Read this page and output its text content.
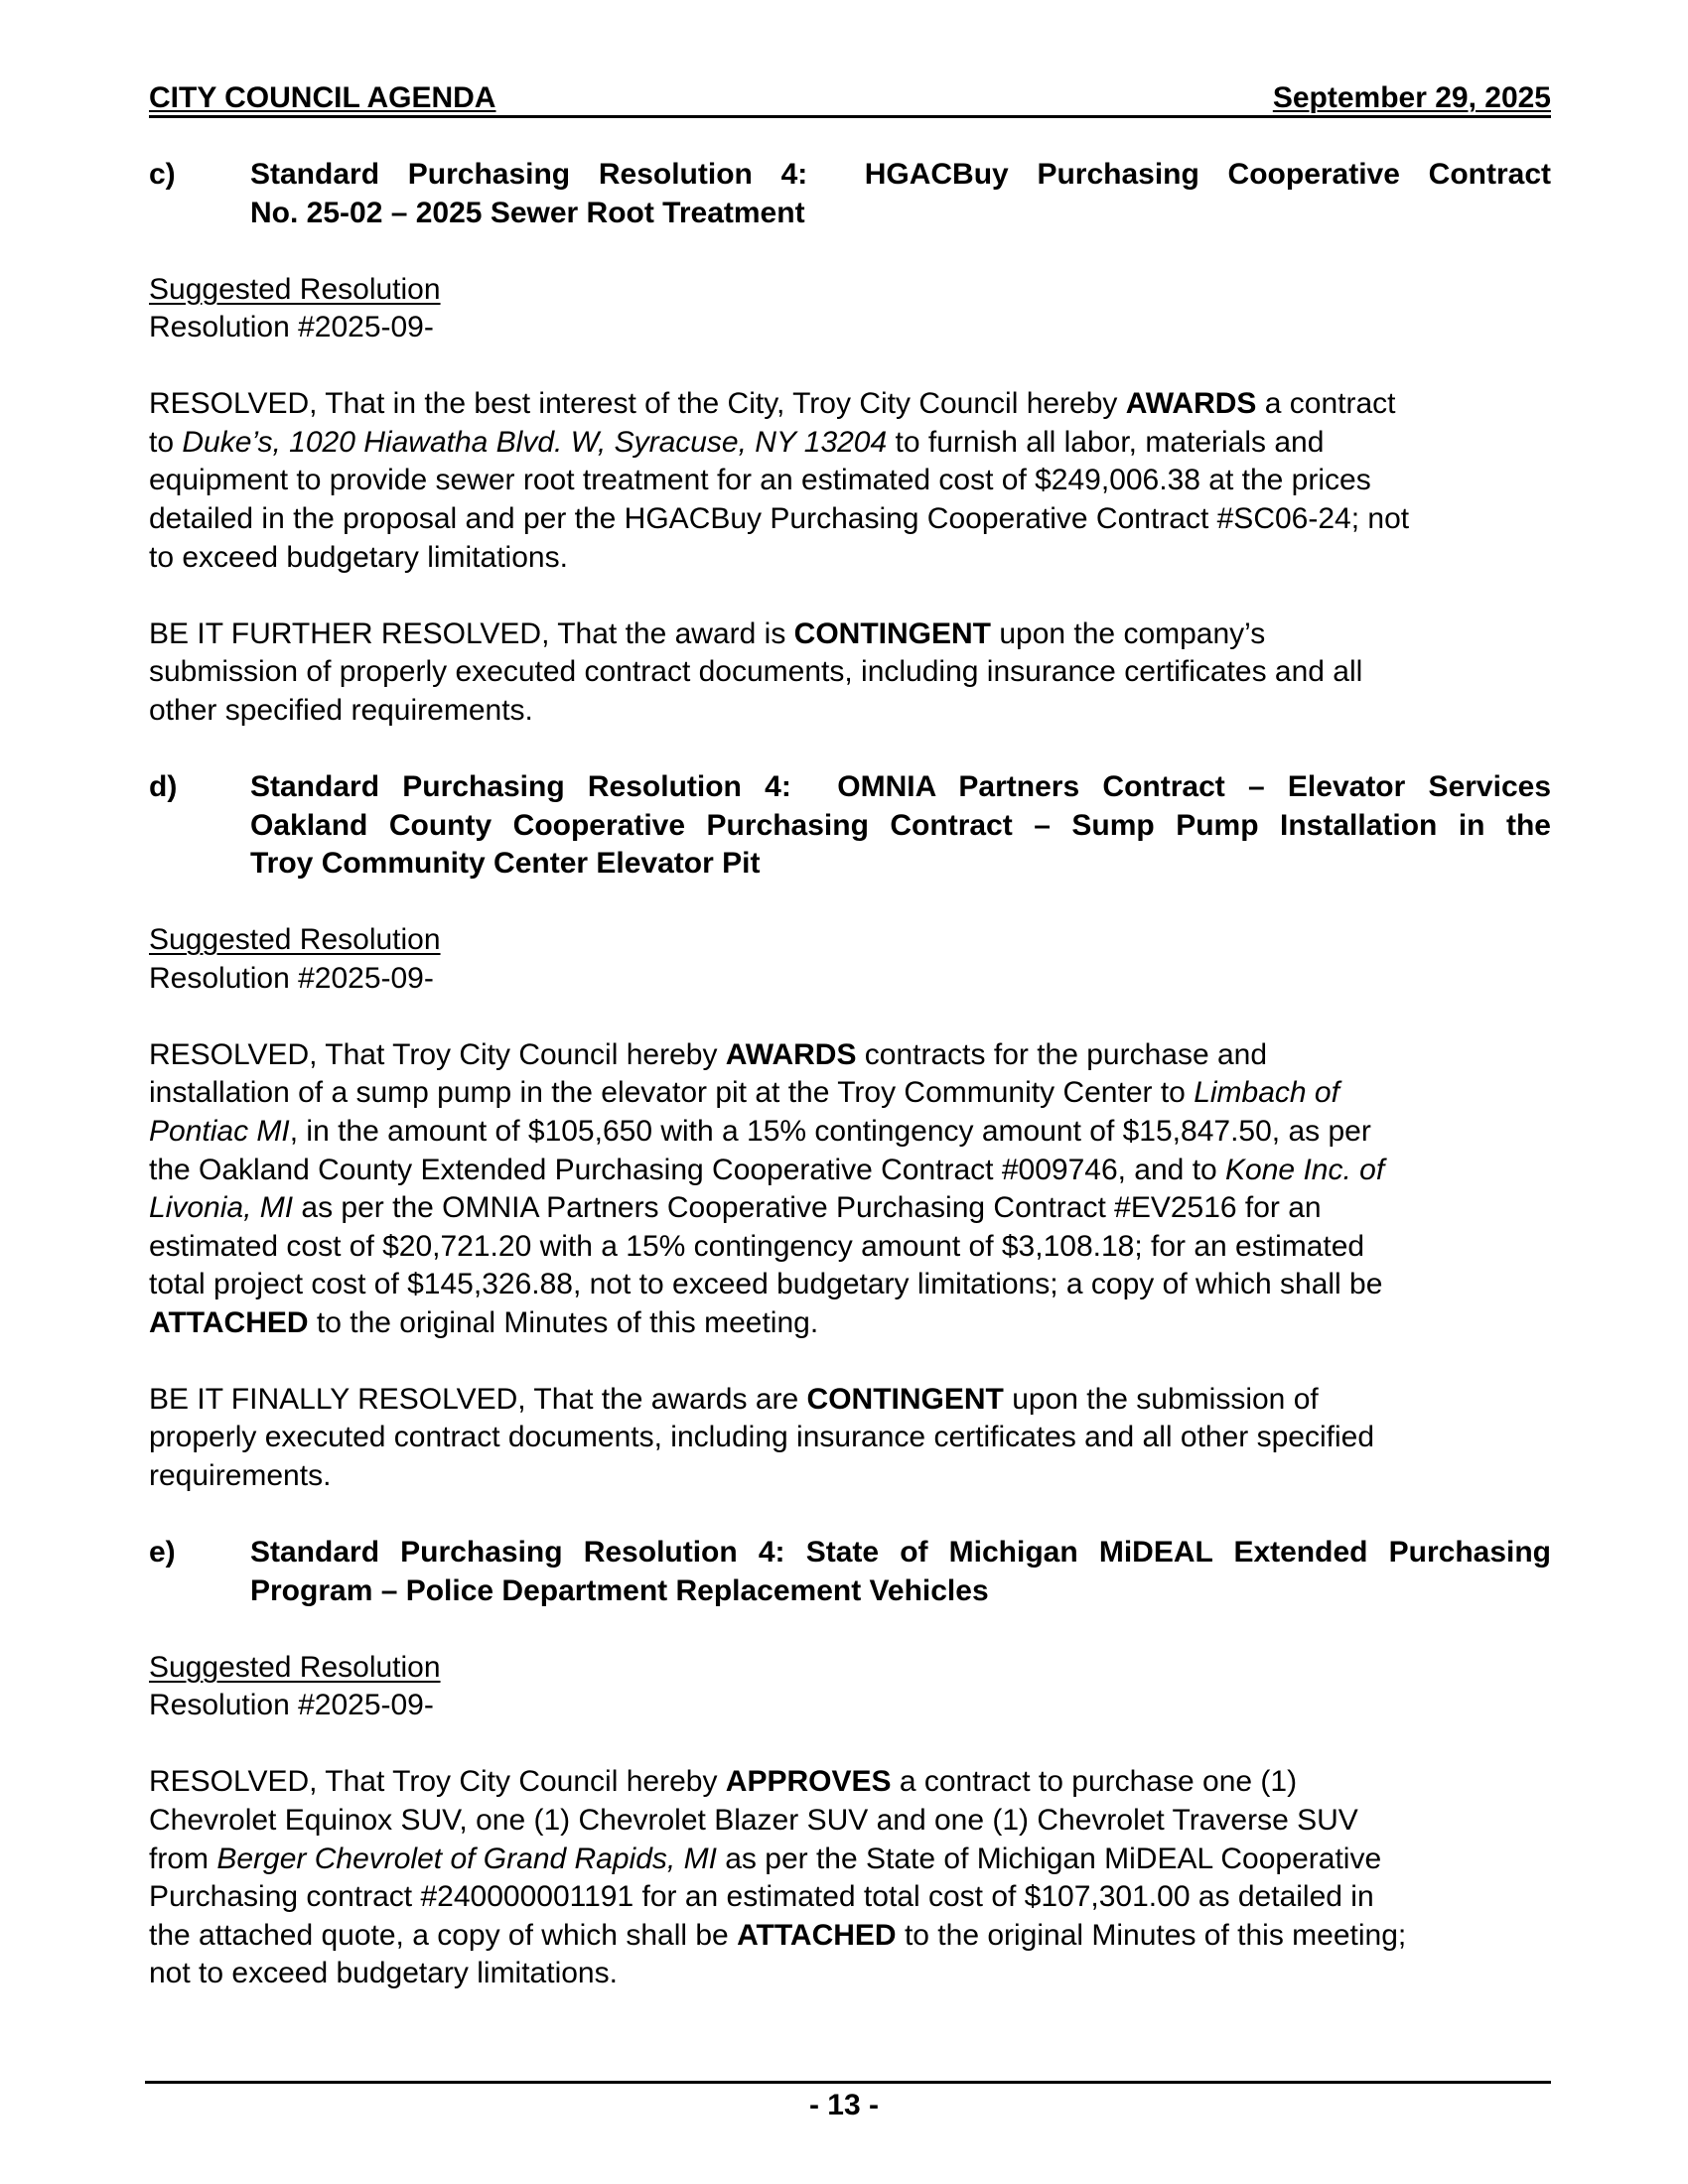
CITY COUNCIL AGENDA	September 29, 2025
c)	Standard Purchasing Resolution 4:  HGACBuy Purchasing Cooperative Contract
No. 25-02 – 2025 Sewer Root Treatment
Suggested Resolution
Resolution #2025-09-
RESOLVED, That in the best interest of the City, Troy City Council hereby AWARDS a contract
to Duke’s, 1020 Hiawatha Blvd. W, Syracuse, NY 13204 to furnish all labor, materials and
equipment to provide sewer root treatment for an estimated cost of $249,006.38 at the prices
detailed in the proposal and per the HGACBuy Purchasing Cooperative Contract #SC06-24; not
to exceed budgetary limitations.
BE IT FURTHER RESOLVED, That the award is CONTINGENT upon the company’s
submission of properly executed contract documents, including insurance certificates and all
other specified requirements.
d)	Standard Purchasing Resolution 4:  OMNIA Partners Contract – Elevator Services
Oakland County Cooperative Purchasing Contract – Sump Pump Installation in the
Troy Community Center Elevator Pit
Suggested Resolution
Resolution #2025-09-
RESOLVED, That Troy City Council hereby AWARDS contracts for the purchase and
installation of a sump pump in the elevator pit at the Troy Community Center to Limbach of
Pontiac MI, in the amount of $105,650 with a 15% contingency amount of $15,847.50, as per
the Oakland County Extended Purchasing Cooperative Contract #009746, and to Kone Inc. of
Livonia, MI as per the OMNIA Partners Cooperative Purchasing Contract #EV2516 for an
estimated cost of $20,721.20 with a 15% contingency amount of $3,108.18; for an estimated
total project cost of $145,326.88, not to exceed budgetary limitations; a copy of which shall be
ATTACHED to the original Minutes of this meeting.
BE IT FINALLY RESOLVED, That the awards are CONTINGENT upon the submission of
properly executed contract documents, including insurance certificates and all other specified
requirements.
e)	Standard Purchasing Resolution 4: State of Michigan MiDEAL Extended Purchasing
Program – Police Department Replacement Vehicles
Suggested Resolution
Resolution #2025-09-
RESOLVED, That Troy City Council hereby APPROVES a contract to purchase one (1)
Chevrolet Equinox SUV, one (1) Chevrolet Blazer SUV and one (1) Chevrolet Traverse SUV
from Berger Chevrolet of Grand Rapids, MI as per the State of Michigan MiDEAL Cooperative
Purchasing contract #240000001191 for an estimated total cost of $107,301.00 as detailed in
the attached quote, a copy of which shall be ATTACHED to the original Minutes of this meeting;
not to exceed budgetary limitations.
- 13 -
